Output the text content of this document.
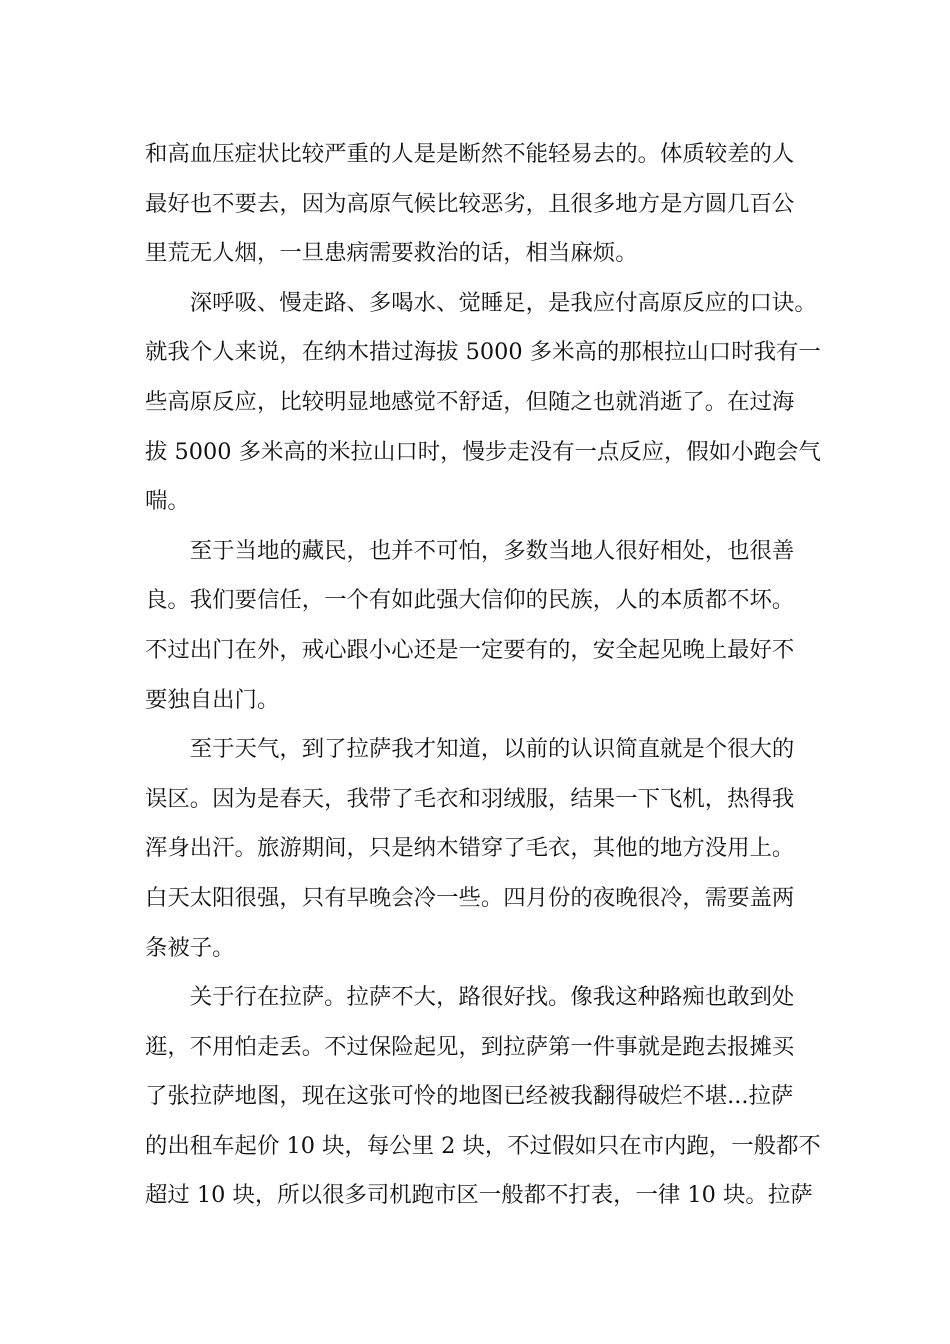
和高血压症状比较严重的人是是断然不能轻易去的。体质较差的人
最好也不要去，因为高原气候比较恶劣，且很多地方是方圆几百公
里荒无人烟，一旦患病需要救治的话，相当麻烦。
　　深呼吸、慢走路、多喝水、觉睡足，是我应付高原反应的口诀。
就我个人来说，在纳木措过海拔 5000 多米高的那根拉山口时我有一
些高原反应，比较明显地感觉不舒适，但随之也就消逝了。在过海
拔 5000 多米高的米拉山口时，慢步走没有一点反应，假如小跑会气
喘。
　　至于当地的藏民，也并不可怕，多数当地人很好相处，也很善
良。我们要信任，一个有如此强大信仰的民族，人的本质都不坏。
不过出门在外，戒心跟小心还是一定要有的，安全起见晚上最好不
要独自出门。
　　至于天气，到了拉萨我才知道，以前的认识简直就是个很大的
误区。因为是春天，我带了毛衣和羽绒服，结果一下飞机，热得我
浑身出汗。旅游期间，只是纳木错穿了毛衣，其他的地方没用上。
白天太阳很强，只有早晚会冷一些。四月份的夜晚很冷，需要盖两
条被子。
　　关于行在拉萨。拉萨不大，路很好找。像我这种路痴也敢到处
逛，不用怕走丢。不过保险起见，到拉萨第一件事就是跑去报摊买
了张拉萨地图，现在这张可怜的地图已经被我翻得破烂不堪...拉萨
的出租车起价 10 块，每公里 2 块，不过假如只在市内跑，一般都不
超过 10 块，所以很多司机跑市区一般都不打表，一律 10 块。拉萨
